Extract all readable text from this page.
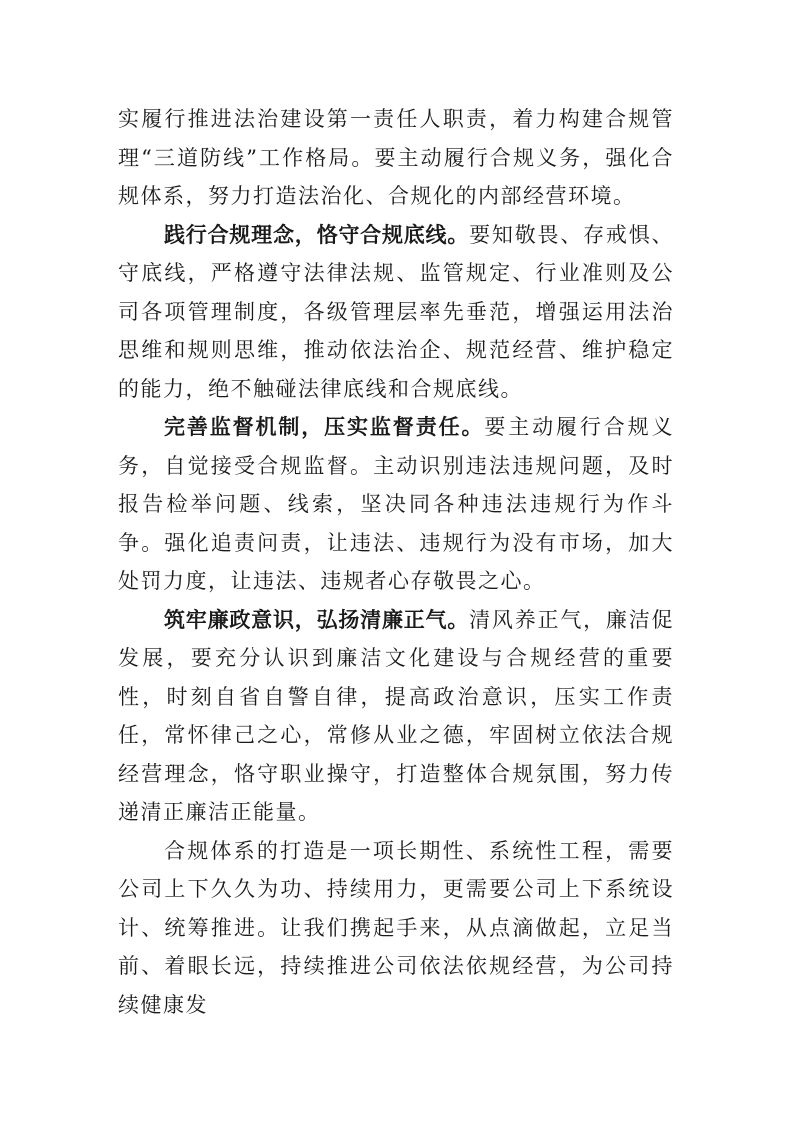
实履行推进法治建设第一责任人职责，着力构建合规管理“三道防线”工作格局。要主动履行合规义务，强化合规体系，努力打造法治化、合规化的内部经营环境。

践行合规理念，恪守合规底线。要知敬畏、存戒惧、守底线，严格遵守法律法规、监管规定、行业准则及公司各项管理制度，各级管理层率先垂范，增强运用法治思维和规则思维，推动依法治企、规范经营、维护稳定的能力，绝不触碰法律底线和合规底线。

完善监督机制，压实监督责任。要主动履行合规义务，自觉接受合规监督。主动识别违法违规问题，及时报告检举问题、线索，坚决同各种违法违规行为作斗争。强化追责问责，让违法、违规行为没有市场，加大处罚力度，让违法、违规者心存敬畏之心。

筑牢廉政意识，弘扬清廉正气。清风养正气，廉洁促发展，要充分认识到廉洁文化建设与合规经营的重要性，时刻自省自警自律，提高政治意识，压实工作责任，常怀律己之心，常修从业之德，牢固树立依法合规经营理念，恪守职业操守，打造整体合规氛围，努力传递清正廉洁正能量。

合规体系的打造是一项长期性、系统性工程，需要公司上下久久为功、持续用力，更需要公司上下系统设计、统筹推进。让我们携起手来，从点滴做起，立足当前、着眼长远，持续推进公司依法依规经营，为公司持续健康发
